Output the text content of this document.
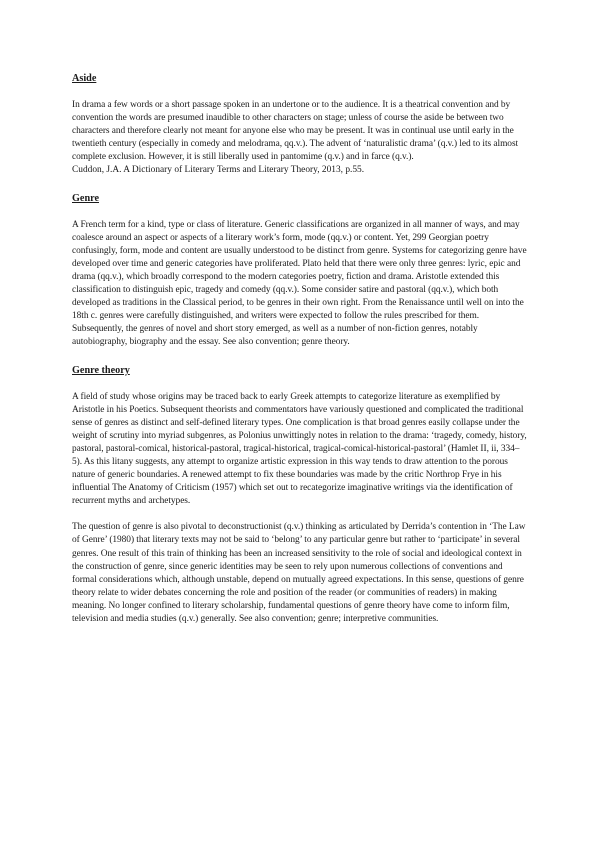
Aside

In drama a few words or a short passage spoken in an undertone or to the audience. It is a theatrical convention and by convention the words are presumed inaudible to other characters on stage; unless of course the aside be between two characters and therefore clearly not meant for anyone else who may be present. It was in continual use until early in the twentieth century (especially in comedy and melodrama, qq.v.). The advent of ‘naturalistic drama’ (q.v.) led to its almost complete exclusion. However, it is still liberally used in pantomime (q.v.) and in farce (q.v.).

Cuddon, J.A. A Dictionary of Literary Terms and Literary Theory, 2013, p.55.

Genre

A French term for a kind, type or class of literature. Generic classifications are organized in all manner of ways, and may coalesce around an aspect or aspects of a literary work’s form, mode (qq.v.) or content. Yet, 299 Georgian poetry confusingly, form, mode and content are usually understood to be distinct from genre. Systems for categorizing genre have developed over time and generic categories have proliferated. Plato held that there were only three genres: lyric, epic and drama (qq.v.), which broadly correspond to the modern categories poetry, fiction and drama. Aristotle extended this classification to distinguish epic, tragedy and comedy (qq.v.). Some consider satire and pastoral (qq.v.), which both developed as traditions in the Classical period, to be genres in their own right. From the Renaissance until well on into the 18th c. genres were carefully distinguished, and writers were expected to follow the rules prescribed for them. Subsequently, the genres of novel and short story emerged, as well as a number of non-fiction genres, notably autobiography, biography and the essay. See also convention; genre theory.

Genre theory

A field of study whose origins may be traced back to early Greek attempts to categorize literature as exemplified by Aristotle in his Poetics. Subsequent theorists and commentators have variously questioned and complicated the traditional sense of genres as distinct and self-defined literary types. One complication is that broad genres easily collapse under the weight of scrutiny into myriad subgenres, as Polonius unwittingly notes in relation to the drama: ‘tragedy, comedy, history, pastoral, pastoral-comical, historical-pastoral, tragical-historical, tragical-comical-historical-pastoral’ (Hamlet II, ii, 334–5). As this litany suggests, any attempt to organize artistic expression in this way tends to draw attention to the porous nature of generic boundaries. A renewed attempt to fix these boundaries was made by the critic Northrop Frye in his influential The Anatomy of Criticism (1957) which set out to recategorize imaginative writings via the identification of recurrent myths and archetypes.

The question of genre is also pivotal to deconstructionist (q.v.) thinking as articulated by Derrida’s contention in ‘The Law of Genre’ (1980) that literary texts may not be said to ‘belong’ to any particular genre but rather to ‘participate’ in several genres. One result of this train of thinking has been an increased sensitivity to the role of social and ideological context in the construction of genre, since generic identities may be seen to rely upon numerous collections of conventions and formal considerations which, although unstable, depend on mutually agreed expectations. In this sense, questions of genre theory relate to wider debates concerning the role and position of the reader (or communities of readers) in making meaning. No longer confined to literary scholarship, fundamental questions of genre theory have come to inform film, television and media studies (q.v.) generally. See also convention; genre; interpretive communities.
